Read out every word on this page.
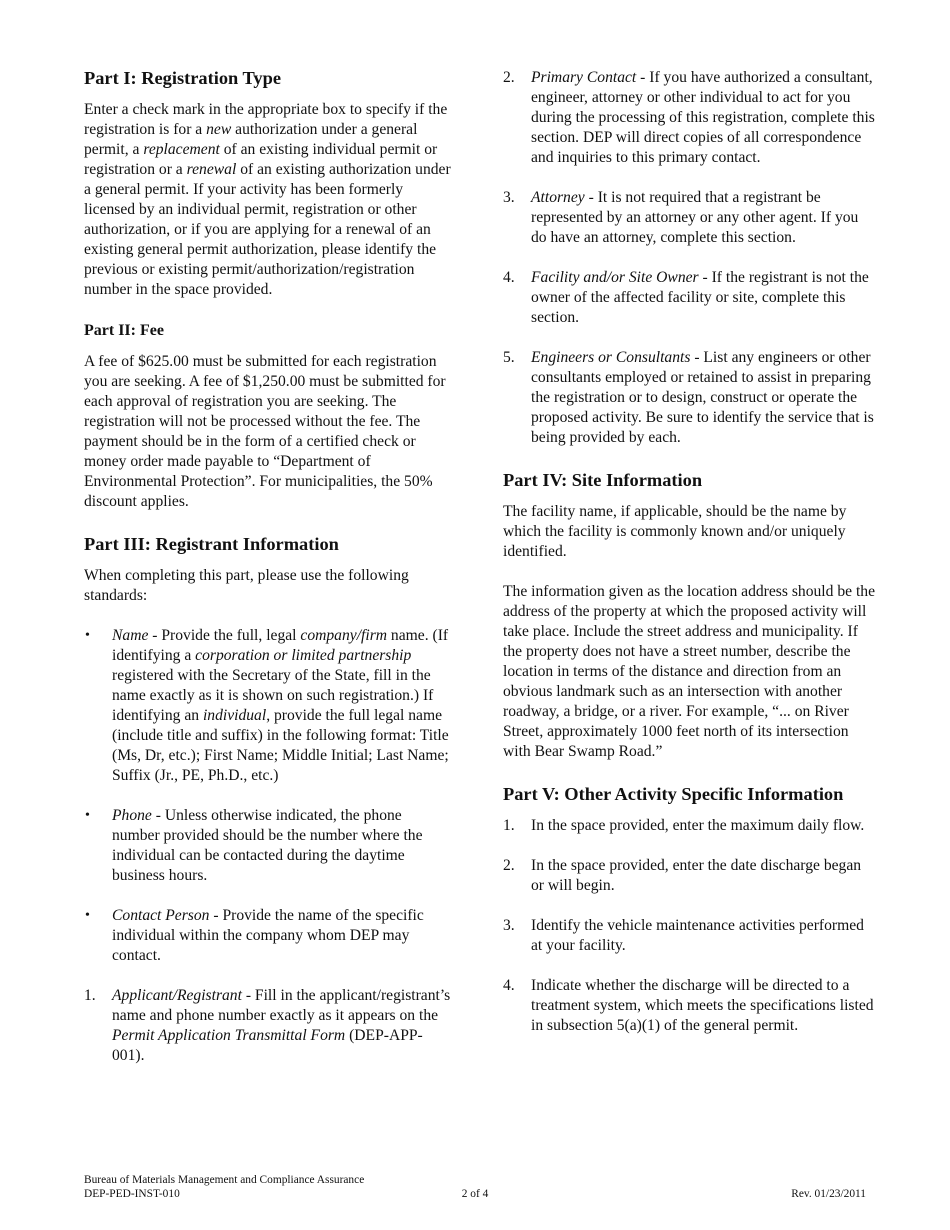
Part I: Registration Type

Enter a check mark in the appropriate box to specify if the registration is for a new authorization under a general permit, a replacement of an existing individual permit or registration or a renewal of an existing authorization under a general permit. If your activity has been formerly licensed by an individual permit, registration or other authorization, or if you are applying for a renewal of an existing general permit authorization, please identify the previous or existing permit/authorization/registration number in the space provided.

Part II: Fee

A fee of $625.00 must be submitted for each registration you are seeking. A fee of $1,250.00 must be submitted for each approval of registration you are seeking. The registration will not be processed without the fee. The payment should be in the form of a certified check or money order made payable to “Department of Environmental Protection”. For municipalities, the 50% discount applies.

Part III: Registrant Information

When completing this part, please use the following standards:

• Name - Provide the full, legal company/firm name. (If identifying a corporation or limited partnership registered with the Secretary of the State, fill in the name exactly as it is shown on such registration.) If identifying an individual, provide the full legal name (include title and suffix) in the following format: Title (Ms, Dr, etc.); First Name; Middle Initial; Last Name; Suffix (Jr., PE, Ph.D., etc.)

• Phone - Unless otherwise indicated, the phone number provided should be the number where the individual can be contacted during the daytime business hours.

• Contact Person - Provide the name of the specific individual within the company whom DEP may contact.

1. Applicant/Registrant - Fill in the applicant/registrant’s name and phone number exactly as it appears on the Permit Application Transmittal Form (DEP-APP-001).

2. Primary Contact - If you have authorized a consultant, engineer, attorney or other individual to act for you during the processing of this registration, complete this section. DEP will direct copies of all correspondence and inquiries to this primary contact.

3. Attorney - It is not required that a registrant be represented by an attorney or any other agent. If you do have an attorney, complete this section.

4. Facility and/or Site Owner - If the registrant is not the owner of the affected facility or site, complete this section.

5. Engineers or Consultants - List any engineers or other consultants employed or retained to assist in preparing the registration or to design, construct or operate the proposed activity. Be sure to identify the service that is being provided by each.

Part IV: Site Information

The facility name, if applicable, should be the name by which the facility is commonly known and/or uniquely identified.

The information given as the location address should be the address of the property at which the proposed activity will take place. Include the street address and municipality. If the property does not have a street number, describe the location in terms of the distance and direction from an obvious landmark such as an intersection with another roadway, a bridge, or a river. For example, “... on River Street, approximately 1000 feet north of its intersection with Bear Swamp Road.”

Part V: Other Activity Specific Information
1. In the space provided, enter the maximum daily flow.

2. In the space provided, enter the date discharge began or will begin.

3. Identify the vehicle maintenance activities performed at your facility.

4. Indicate whether the discharge will be directed to a treatment system, which meets the specifications listed in subsection 5(a)(1) of the general permit.

Bureau of Materials Management and Compliance Assurance
DEP-PED-INST-010	2 of 4	Rev. 01/23/2011
